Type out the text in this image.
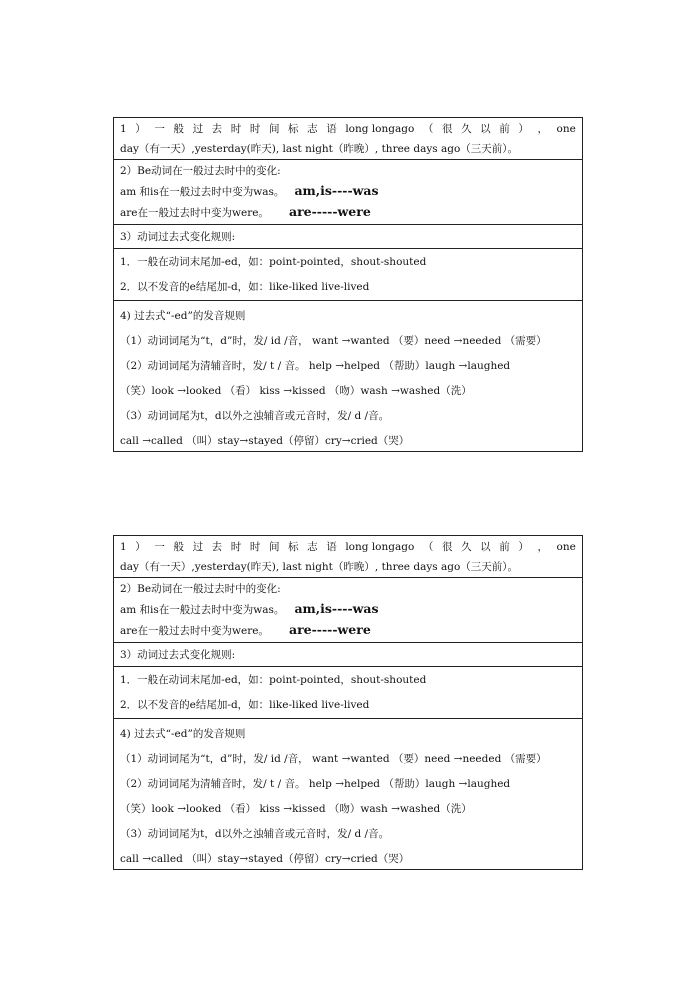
1 ） 一 般 过 去 时 时 间 标 志 语 long longago （ 很 久 以 前 ） ， one
day（有一天）,yesterday(昨天), last night（昨晚）, three days ago（三天前）。
2）Be动词在一般过去时中的变化:
am 和is在一般过去时中变为was。 am,is----was
are在一般过去时中变为were。 are-----were
3）动词过去式变化规则:
1．一般在动词末尾加-ed，如：point-pointed，shout-shouted
2．以不发音的e结尾加-d，如：like-liked live-lived
4) 过去式“-ed”的发音规则
（1）动词词尾为“t，d”时，发/ id /音， want →wanted （要）need →needed （需要）
（2）动词词尾为清辅音时，发/ t / 音。 help →helped （帮助）laugh →laughed
（笑）look →looked （看） kiss →kissed （吻）wash →washed（洗）
（3）动词词尾为t，d以外之浊辅音或元音时，发/ d /音。
call →called （叫）stay→stayed（停留）cry→cried（哭）
1 ） 一 般 过 去 时 时 间 标 志 语 long longago （ 很 久 以 前 ） ， one
day（有一天）,yesterday(昨天), last night（昨晚）, three days ago（三天前）。
2）Be动词在一般过去时中的变化:
am 和is在一般过去时中变为was。 am,is----was
are在一般过去时中变为were。 are-----were
3）动词过去式变化规则:
1．一般在动词末尾加-ed，如：point-pointed，shout-shouted
2．以不发音的e结尾加-d，如：like-liked live-lived
4) 过去式“-ed”的发音规则
（1）动词词尾为“t，d”时，发/ id /音， want →wanted （要）need →needed （需要）
（2）动词词尾为清辅音时，发/ t / 音。 help →helped （帮助）laugh →laughed
（笑）look →looked （看） kiss →kissed （吻）wash →washed（洗）
（3）动词词尾为t，d以外之浊辅音或元音时，发/ d /音。
call →called （叫）stay→stayed（停留）cry→cried（哭）
